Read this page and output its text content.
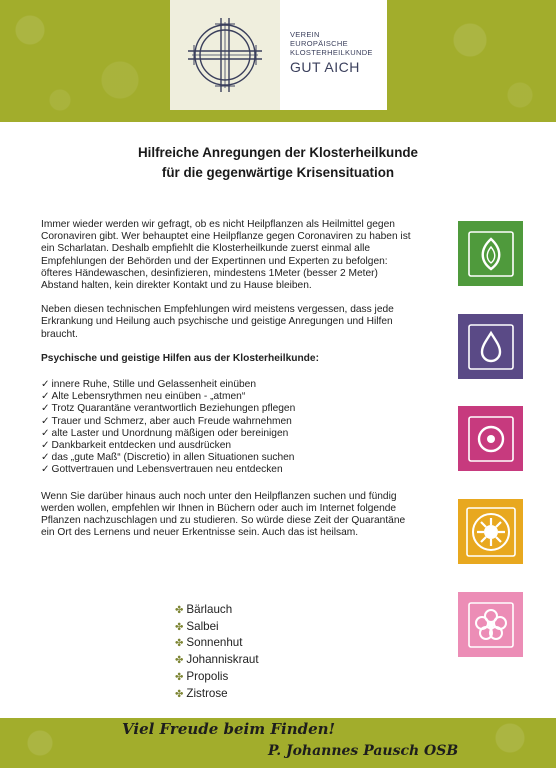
VEREIN
EUROPÄISCHE
KLOSTERHEILKUNDE
GUT AICH
Hilfreiche Anregungen der Klosterheilkunde
für die gegenwärtige Krisensituation

Immer wieder werden wir gefragt, ob es nicht Heilpflanzen als Heilmittel gegen Coronaviren gibt. Wer behauptet eine Heilpflanze gegen Coronaviren zu haben ist ein Scharlatan. Deshalb empfiehlt die Klosterheilkunde zuerst einmal alle Empfehlungen der Behörden und der Expertinnen und Experten zu befolgen: öfteres Händewaschen, desinfizieren, mindestens 1Meter (besser 2 Meter) Abstand halten, kein direkter Kontakt und zu Hause bleiben.

Neben diesen technischen Empfehlungen wird meistens vergessen, dass jede Erkrankung und Heilung auch psychische und geistige Anregungen und Hilfen braucht.

Psychische und geistige Hilfen aus der Klosterheilkunde:

✓ innere Ruhe, Stille und Gelassenheit einüben
✓ Alte Lebensrythmen neu einüben - „atmen“
✓ Trotz Quarantäne verantwortlich Beziehungen pflegen
✓ Trauer und Schmerz, aber auch Freude wahrnehmen
✓ alte Laster und Unordnung mäßigen oder bereinigen
✓ Dankbarkeit entdecken und ausdrücken
✓ das „gute Maß“ (Discretio) in allen Situationen suchen
✓ Gottvertrauen und Lebensvertrauen neu entdecken

Wenn Sie darüber hinaus auch noch unter den Heilpflanzen suchen und fündig werden wollen, empfehlen wir Ihnen in Büchern oder auch im Internet folgende Pflanzen nachzuschlagen und zu studieren. So würde diese Zeit der Quarantäne ein Ort des Lernens und neuer Erkentnisse sein. Auch das ist heilsam.

✤ Bärlauch
✤ Salbei
✤ Sonnenhut
✤ Johanniskraut
✤ Propolis
✤ Zistrose
Viel Freude beim Finden!
P. Johannes Pausch OSB
